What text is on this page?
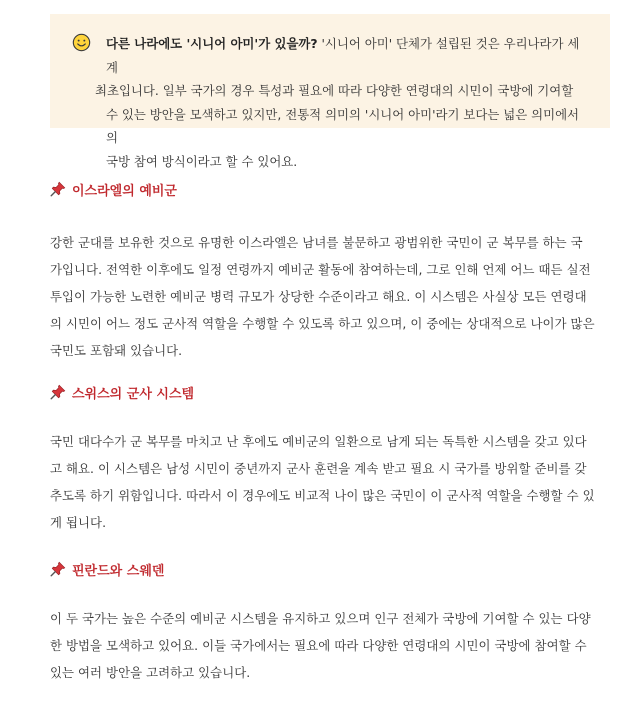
다른 나라에도 '시니어 아미'가 있을까? '시니어 아미' 단체가 설립된 것은 우리나라가 세계
최초입니다. 일부 국가의 경우 특성과 필요에 따라 다양한 연령대의 시민이 국방에 기여할
수 있는 방안을 모색하고 있지만, 전통적 의미의 '시니어 아미'라기 보다는 넓은 의미에서의
국방 참여 방식이라고 할 수 있어요.
이스라엘의 예비군
강한 군대를 보유한 것으로 유명한 이스라엘은 남녀를 불문하고 광범위한 국민이 군 복무를 하는 국
가입니다. 전역한 이후에도 일정 연령까지 예비군 활동에 참여하는데, 그로 인해 언제 어느 때든 실전
투입이 가능한 노련한 예비군 병력 규모가 상당한 수준이라고 해요. 이 시스템은 사실상 모든 연령대
의 시민이 어느 정도 군사적 역할을 수행할 수 있도록 하고 있으며, 이 중에는 상대적으로 나이가 많은
국민도 포함돼 있습니다.
스위스의 군사 시스템
국민 대다수가 군 복무를 마치고 난 후에도 예비군의 일환으로 남게 되는 독특한 시스템을 갖고 있다
고 해요. 이 시스템은 남성 시민이 중년까지 군사 훈련을 계속 받고 필요 시 국가를 방위할 준비를 갖
추도록 하기 위함입니다. 따라서 이 경우에도 비교적 나이 많은 국민이 이 군사적 역할을 수행할 수 있
게 됩니다.
핀란드와 스웨덴
이 두 국가는 높은 수준의 예비군 시스템을 유지하고 있으며 인구 전체가 국방에 기여할 수 있는 다양
한 방법을 모색하고 있어요. 이들 국가에서는 필요에 따라 다양한 연령대의 시민이 국방에 참여할 수
있는 여러 방안을 고려하고 있습니다.
